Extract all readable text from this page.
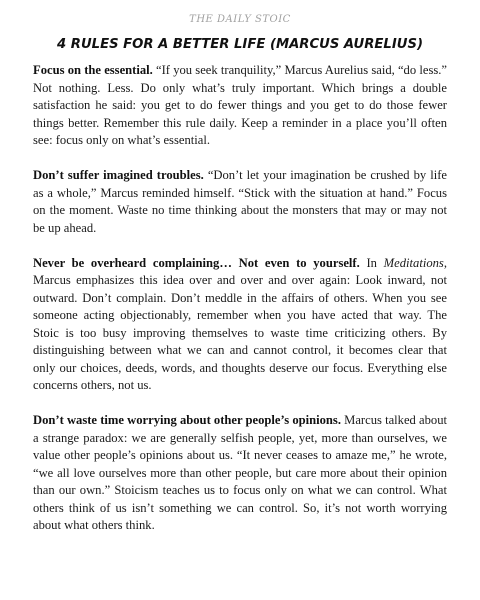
THE DAILY STOIC
4 RULES FOR A BETTER LIFE (MARCUS AURELIUS)

Focus on the essential. “If you seek tranquility,” Marcus Aurelius said, “do less.” Not nothing. Less. Do only what’s truly important. Which brings a double satisfaction he said: you get to do fewer things and you get to do those fewer things better. Remember this rule daily. Keep a reminder in a place you’ll often see: focus only on what’s essential.

Don’t suffer imagined troubles. “Don’t let your imagination be crushed by life as a whole,” Marcus reminded himself. “Stick with the situation at hand.” Focus on the moment. Waste no time thinking about the monsters that may or may not be up ahead.

Never be overheard complaining… Not even to yourself. In Meditations, Marcus emphasizes this idea over and over and over again: Look inward, not outward. Don’t complain. Don’t meddle in the affairs of others. When you see someone acting objectionably, remember when you have acted that way. The Stoic is too busy improving themselves to waste time criticizing others. By distinguishing between what we can and cannot control, it becomes clear that only our choices, deeds, words, and thoughts deserve our focus. Everything else concerns others, not us.

Don’t waste time worrying about other people’s opinions. Marcus talked about a strange paradox: we are generally selfish people, yet, more than ourselves, we value other people’s opinions about us. “It never ceases to amaze me,” he wrote, “we all love ourselves more than other people, but care more about their opinion than our own.” Stoicism teaches us to focus only on what we can control. What others think of us isn’t something we can control. So, it’s not worth worrying about what others think.
